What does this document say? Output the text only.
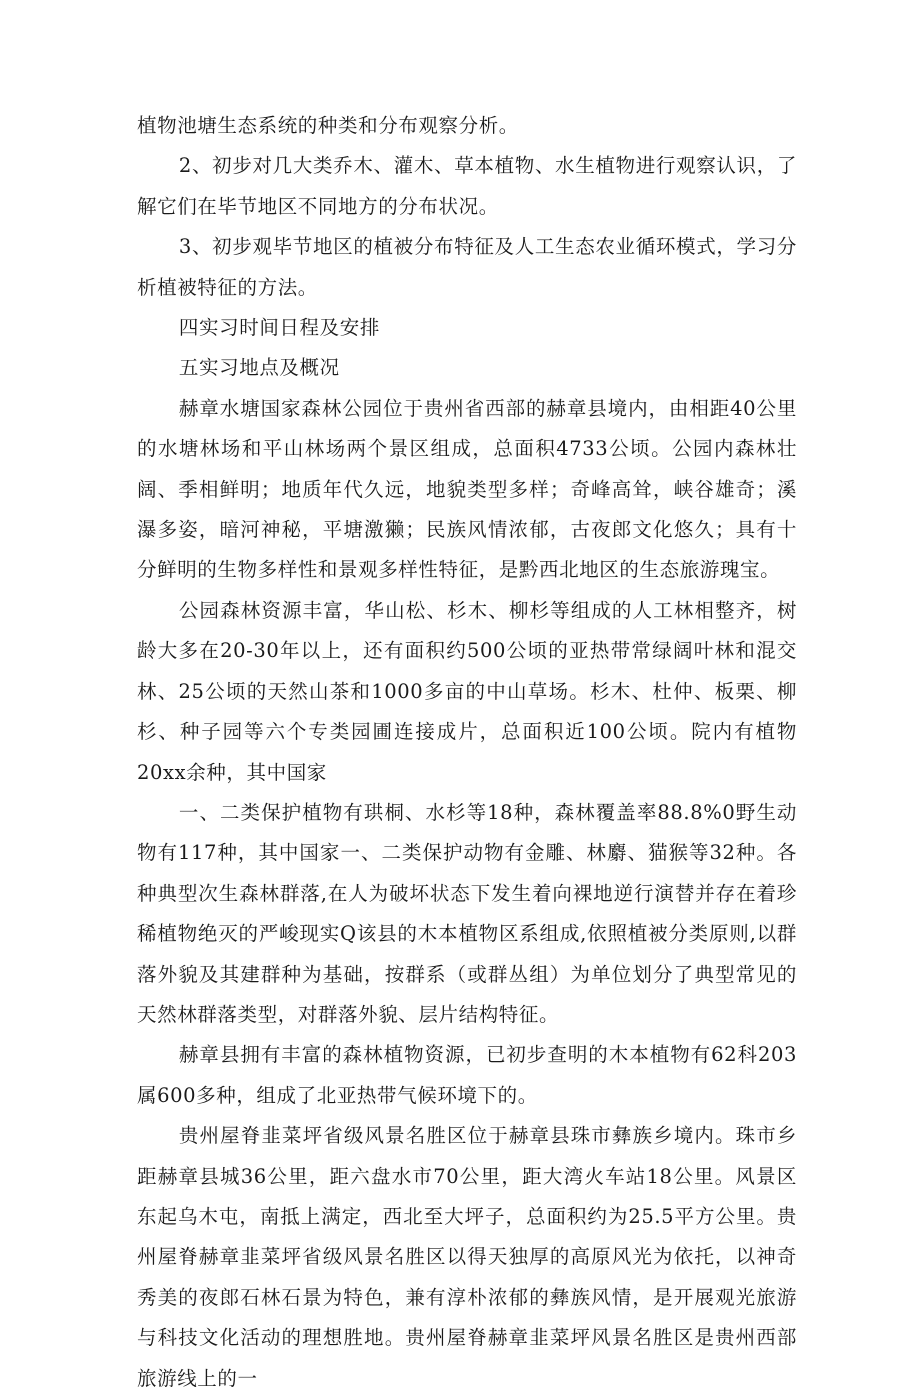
植物池塘生态系统的种类和分布观察分析。

2、初步对几大类乔木、灌木、草本植物、水生植物进行观察认识，了解它们在毕节地区不同地方的分布状况。

3、初步观毕节地区的植被分布特征及人工生态农业循环模式，学习分析植被特征的方法。

四实习时间日程及安排

五实习地点及概况

赫章水塘国家森林公园位于贵州省西部的赫章县境内，由相距40公里的水塘林场和平山林场两个景区组成，总面积4733公顷。公园内森林壮阔、季相鲜明；地质年代久远，地貌类型多样；奇峰高耸，峡谷雄奇；溪瀑多姿，暗河神秘，平塘激獭；民族风情浓郁，古夜郎文化悠久；具有十分鲜明的生物多样性和景观多样性特征，是黔西北地区的生态旅游瑰宝。

公园森林资源丰富，华山松、杉木、柳杉等组成的人工林相整齐，树龄大多在20-30年以上，还有面积约500公顷的亚热带常绿阔叶林和混交林、25公顷的天然山茶和1000多亩的中山草场。杉木、杜仲、板栗、柳杉、种子园等六个专类园圃连接成片，总面积近100公顷。院内有植物20xx余种，其中国家

一、二类保护植物有珙桐、水杉等18种，森林覆盖率88.8%0野生动物有117种，其中国家一、二类保护动物有金雕、林麝、猫猴等32种。各种典型次生森林群落,在人为破坏状态下发生着向裸地逆行演替并存在着珍稀植物绝灭的严峻现实Q该县的木本植物区系组成,依照植被分类原则,以群落外貌及其建群种为基础，按群系（或群丛组）为单位划分了典型常见的天然林群落类型，对群落外貌、层片结构特征。

赫章县拥有丰富的森林植物资源，已初步查明的木本植物有62科203属600多种，组成了北亚热带气候环境下的。

贵州屋脊韭菜坪省级风景名胜区位于赫章县珠市彝族乡境内。珠市乡距赫章县城36公里，距六盘水市70公里，距大湾火车站18公里。风景区东起乌木屯，南抵上满定，西北至大坪子，总面积约为25.5平方公里。贵州屋脊赫章韭菜坪省级风景名胜区以得天独厚的高原风光为依托，以神奇秀美的夜郎石林石景为特色，兼有淳朴浓郁的彝族风情，是开展观光旅游与科技文化活动的理想胜地。贵州屋脊赫章韭菜坪风景名胜区是贵州西部旅游线上的一
